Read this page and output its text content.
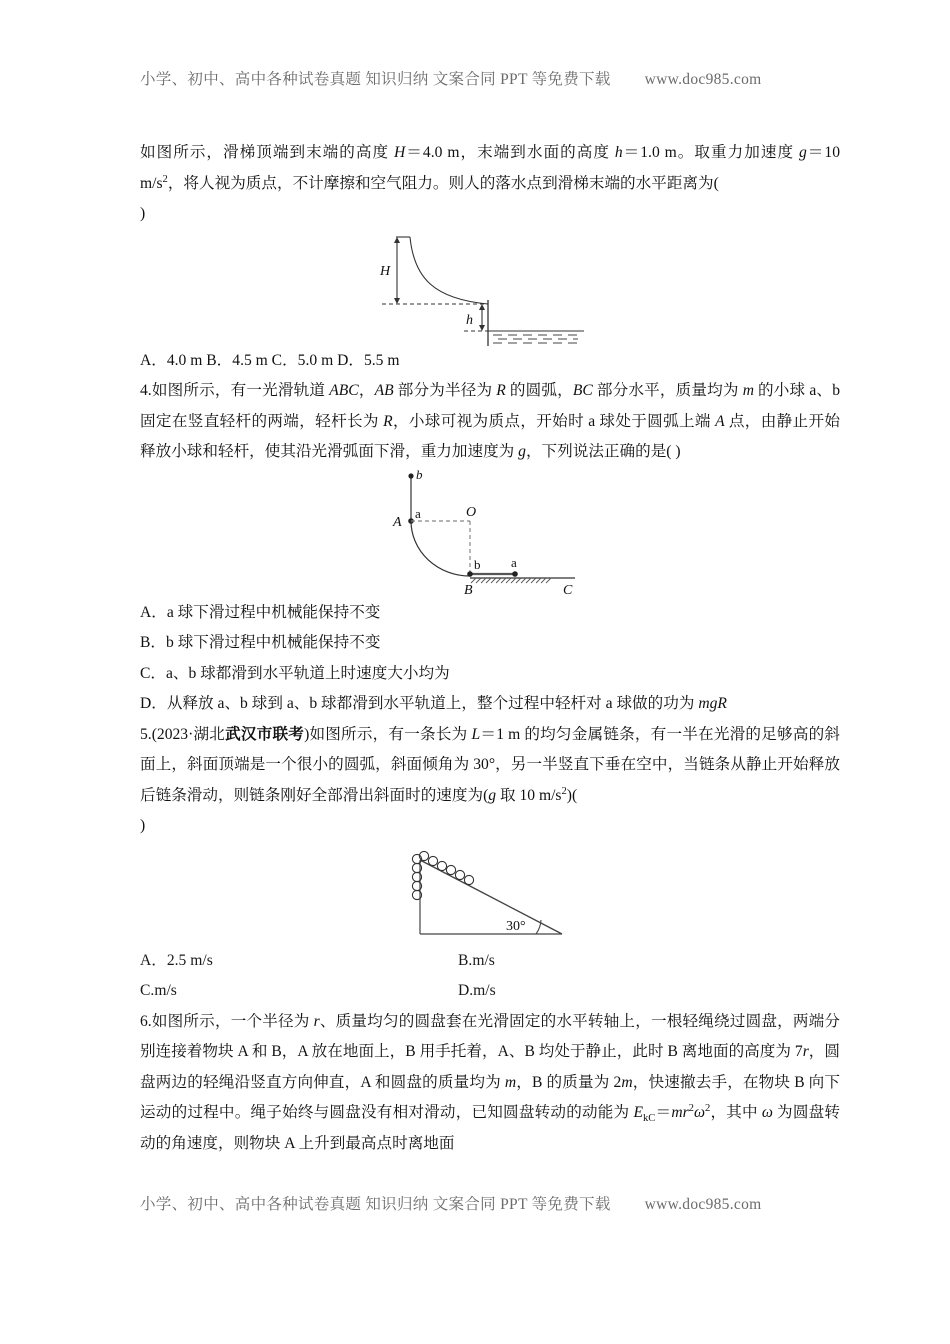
小学、初中、高中各种试卷真题 知识归纳 文案合同 PPT 等免费下载 www.doc985.com

如图所示，滑梯顶端到末端的高度 H＝4.0 m，末端到水面的高度 h＝1.0 m。取重力加速度 g＝10 $m/s^2$，将人视为质点，不计摩擦和空气阻力。则人的落水点到滑梯末端的水平距离为(
)

H
h

A．4.0 m B．4.5 m C．5.0 m D．5.5 m

4.如图所示，有一光滑轨道 ABC，AB 部分为半径为 R 的圆弧，BC 部分水平，质量均为 m 的小球 a、b 固定在竖直轻杆的两端，轻杆长为 R，小球可视为质点，开始时 a 球处于圆弧上端 A 点，由静止开始释放小球和轻杆，使其沿光滑弧面下滑，重力加速度为 g，下列说法正确的是( )

b
a
A
O
b a
B	C

A．a 球下滑过程中机械能保持不变

B．b 球下滑过程中机械能保持不变

C．a、b 球都滑到水平轨道上时速度大小均为

D．从释放 a、b 球到 a、b 球都滑到水平轨道上，整个过程中轻杆对 a 球做的功为 mgR

5.(2023·湖北武汉市联考)如图所示，有一条长为 L＝1 m 的均匀金属链条，有一半在光滑的足够高的斜面上，斜面顶端是一个很小的圆弧，斜面倾角为 30°，另一半竖直下垂在空中，当链条从静止开始释放后链条滑动，则链条刚好全部滑出斜面时的速度为(g 取 10 $m/s^2$)(
)

30°
A．2.5 m/s	B.m/s
C.m/s	D.m/s

6.如图所示，一个半径为 r、质量均匀的圆盘套在光滑固定的水平转轴上，一根轻绳绕过圆盘，两端分别连接着物块 A 和 B，A 放在地面上，B 用手托着，A、B 均处于静止，此时 B 离地面的高度为 7r，圆盘两边的轻绳沿竖直方向伸直，A 和圆盘的质量均为 m，B 的质量为 2m，快速撤去手，在物块 B 向下运动的过程中。绳子始终与圆盘没有相对滑动，已知圆盘转动的动能为 $E_{kC}=mr^2\omega^2$，其中 ω 为圆盘转动的角速度，则物块 A 上升到最高点时离地面

小学、初中、高中各种试卷真题 知识归纳 文案合同 PPT 等免费下载 www.doc985.com
